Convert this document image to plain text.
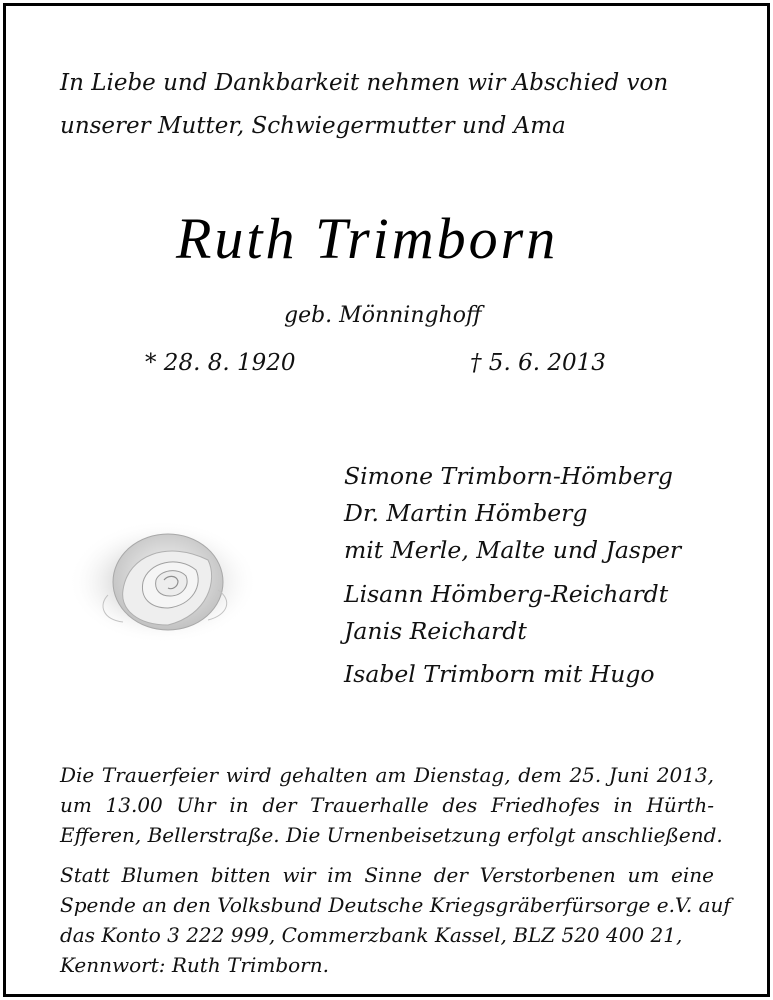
In Liebe und Dankbarkeit nehmen wir Abschied von

unserer Mutter, Schwiegermutter und Ama

Ruth Trimborn

geb. Mönninghoff

* 28. 8. 1920	† 5. 6. 2013

Simone Trimborn-Hömberg

Dr. Martin Hömberg

mit Merle, Malte und Jasper

Lisann Hömberg-Reichardt

Janis Reichardt

Isabel Trimborn mit Hugo

Die Trauerfeier wird gehalten am Dienstag, dem 25. Juni 2013,

um 13.00 Uhr in der Trauerhalle des Friedhofes in Hürth-

Efferen, Bellerstraße. Die Urnenbeisetzung erfolgt anschließend.

Statt Blumen bitten wir im Sinne der Verstorbenen um eine

Spende an den Volksbund Deutsche Kriegsgräberfürsorge e.V. auf

das Konto 3 222 999, Commerzbank Kassel, BLZ 520 400 21,

Kennwort: Ruth Trimborn.
